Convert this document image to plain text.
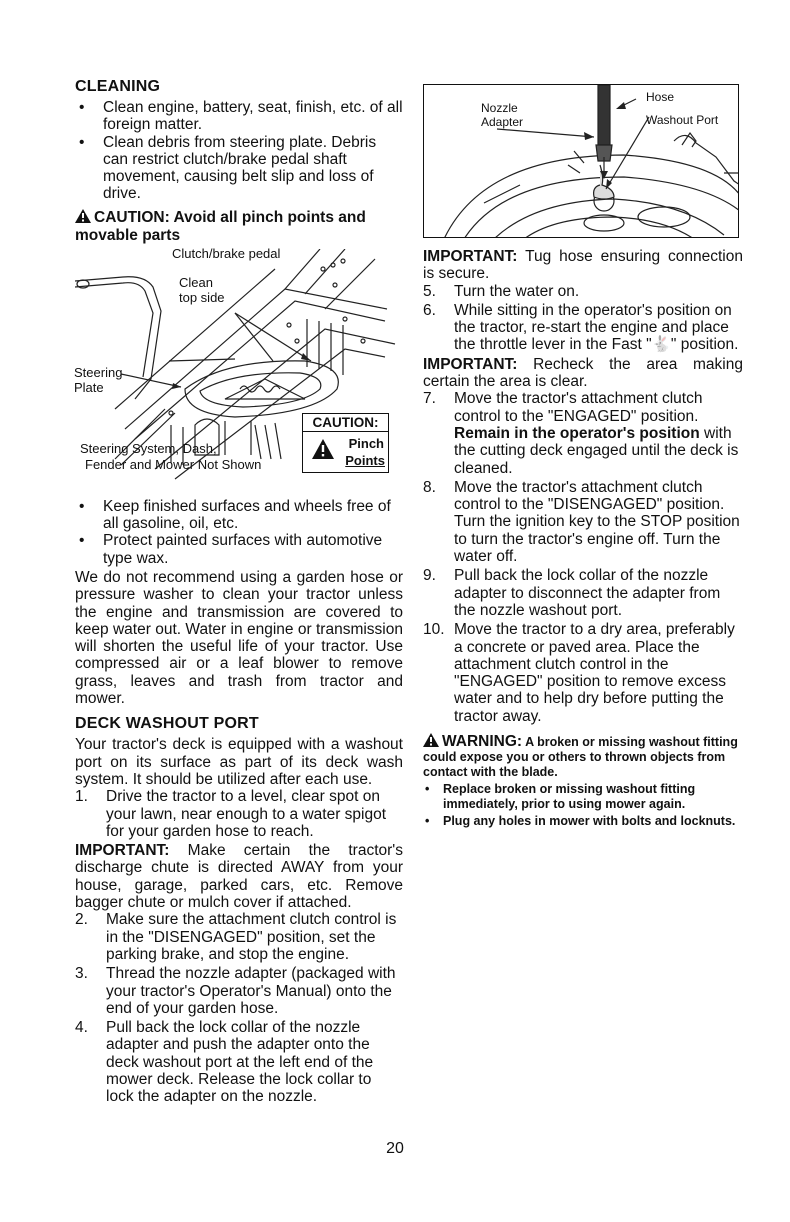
CLEANING
• Clean engine, battery, seat, finish, etc. of all foreign matter.
• Clean debris from steering plate. Debris can restrict clutch/brake pedal shaft movement, causing belt slip and loss of drive.
CAUTION: Avoid all pinch points and movable parts
Clutch/brake pedal
Clean
top side
Steering
Plate
Steering System, Dash,
Fender and Mower Not Shown
CAUTION:
Pinch
Points
• Keep finished surfaces and wheels free of all gasoline, oil, etc.
• Protect painted surfaces with automotive type wax.

We do not recommend using a garden hose or pressure washer to clean your tractor unless the engine and transmission are covered to keep water out. Water in engine or transmission will shorten the useful life of your tractor. Use compressed air or a leaf blower to remove grass, leaves and trash from tractor and mower.

DECK WASHOUT PORT

Your tractor's deck is equipped with a washout port on its surface as part of its deck wash system. It should be utilized after each use.

1. Drive the tractor to a level, clear spot on your lawn, near enough to a water spigot for your garden hose to reach.

IMPORTANT: Make certain the tractor's discharge chute is directed AWAY from your house, garage, parked cars, etc. Remove bagger chute or mulch cover if attached.

2. Make sure the attachment clutch control is in the "DISENGAGED" position, set the parking brake, and stop the engine.
3. Thread the nozzle adapter (packaged with your tractor's Operator's Manual) onto the end of your garden hose.
4. Pull back the lock collar of the nozzle adapter and push the adapter onto the deck washout port at the left end of the mower deck. Release the lock collar to lock the adapter on the nozzle.
Nozzle
Adapter
Hose
Washout Port

IMPORTANT: Tug hose ensuring connection is secure.

5. Turn the water on.
6. While sitting in the operator's position on the tractor, re-start the engine and place the throttle lever in the Fast "🐇" position.

IMPORTANT: Recheck the area making certain the area is clear.

7. Move the tractor's attachment clutch control to the "ENGAGED" position. Remain in the operator's position with the cutting deck engaged until the deck is cleaned.
8. Move the tractor's attachment clutch control to the "DISENGAGED" position. Turn the ignition key to the STOP position to turn the tractor's engine off. Turn the water off.
9. Pull back the lock collar of the nozzle adapter to disconnect the adapter from the nozzle washout port.
10. Move the tractor to a dry area, preferably a concrete or paved area. Place the attachment clutch control in the "ENGAGED" position to remove excess water and to help dry before putting the tractor away.

WARNING: A broken or missing washout fitting could expose you or others to thrown objects from contact with the blade.

• Replace broken or missing washout fitting immediately, prior to using mower again.
• Plug any holes in mower with bolts and locknuts.
20
